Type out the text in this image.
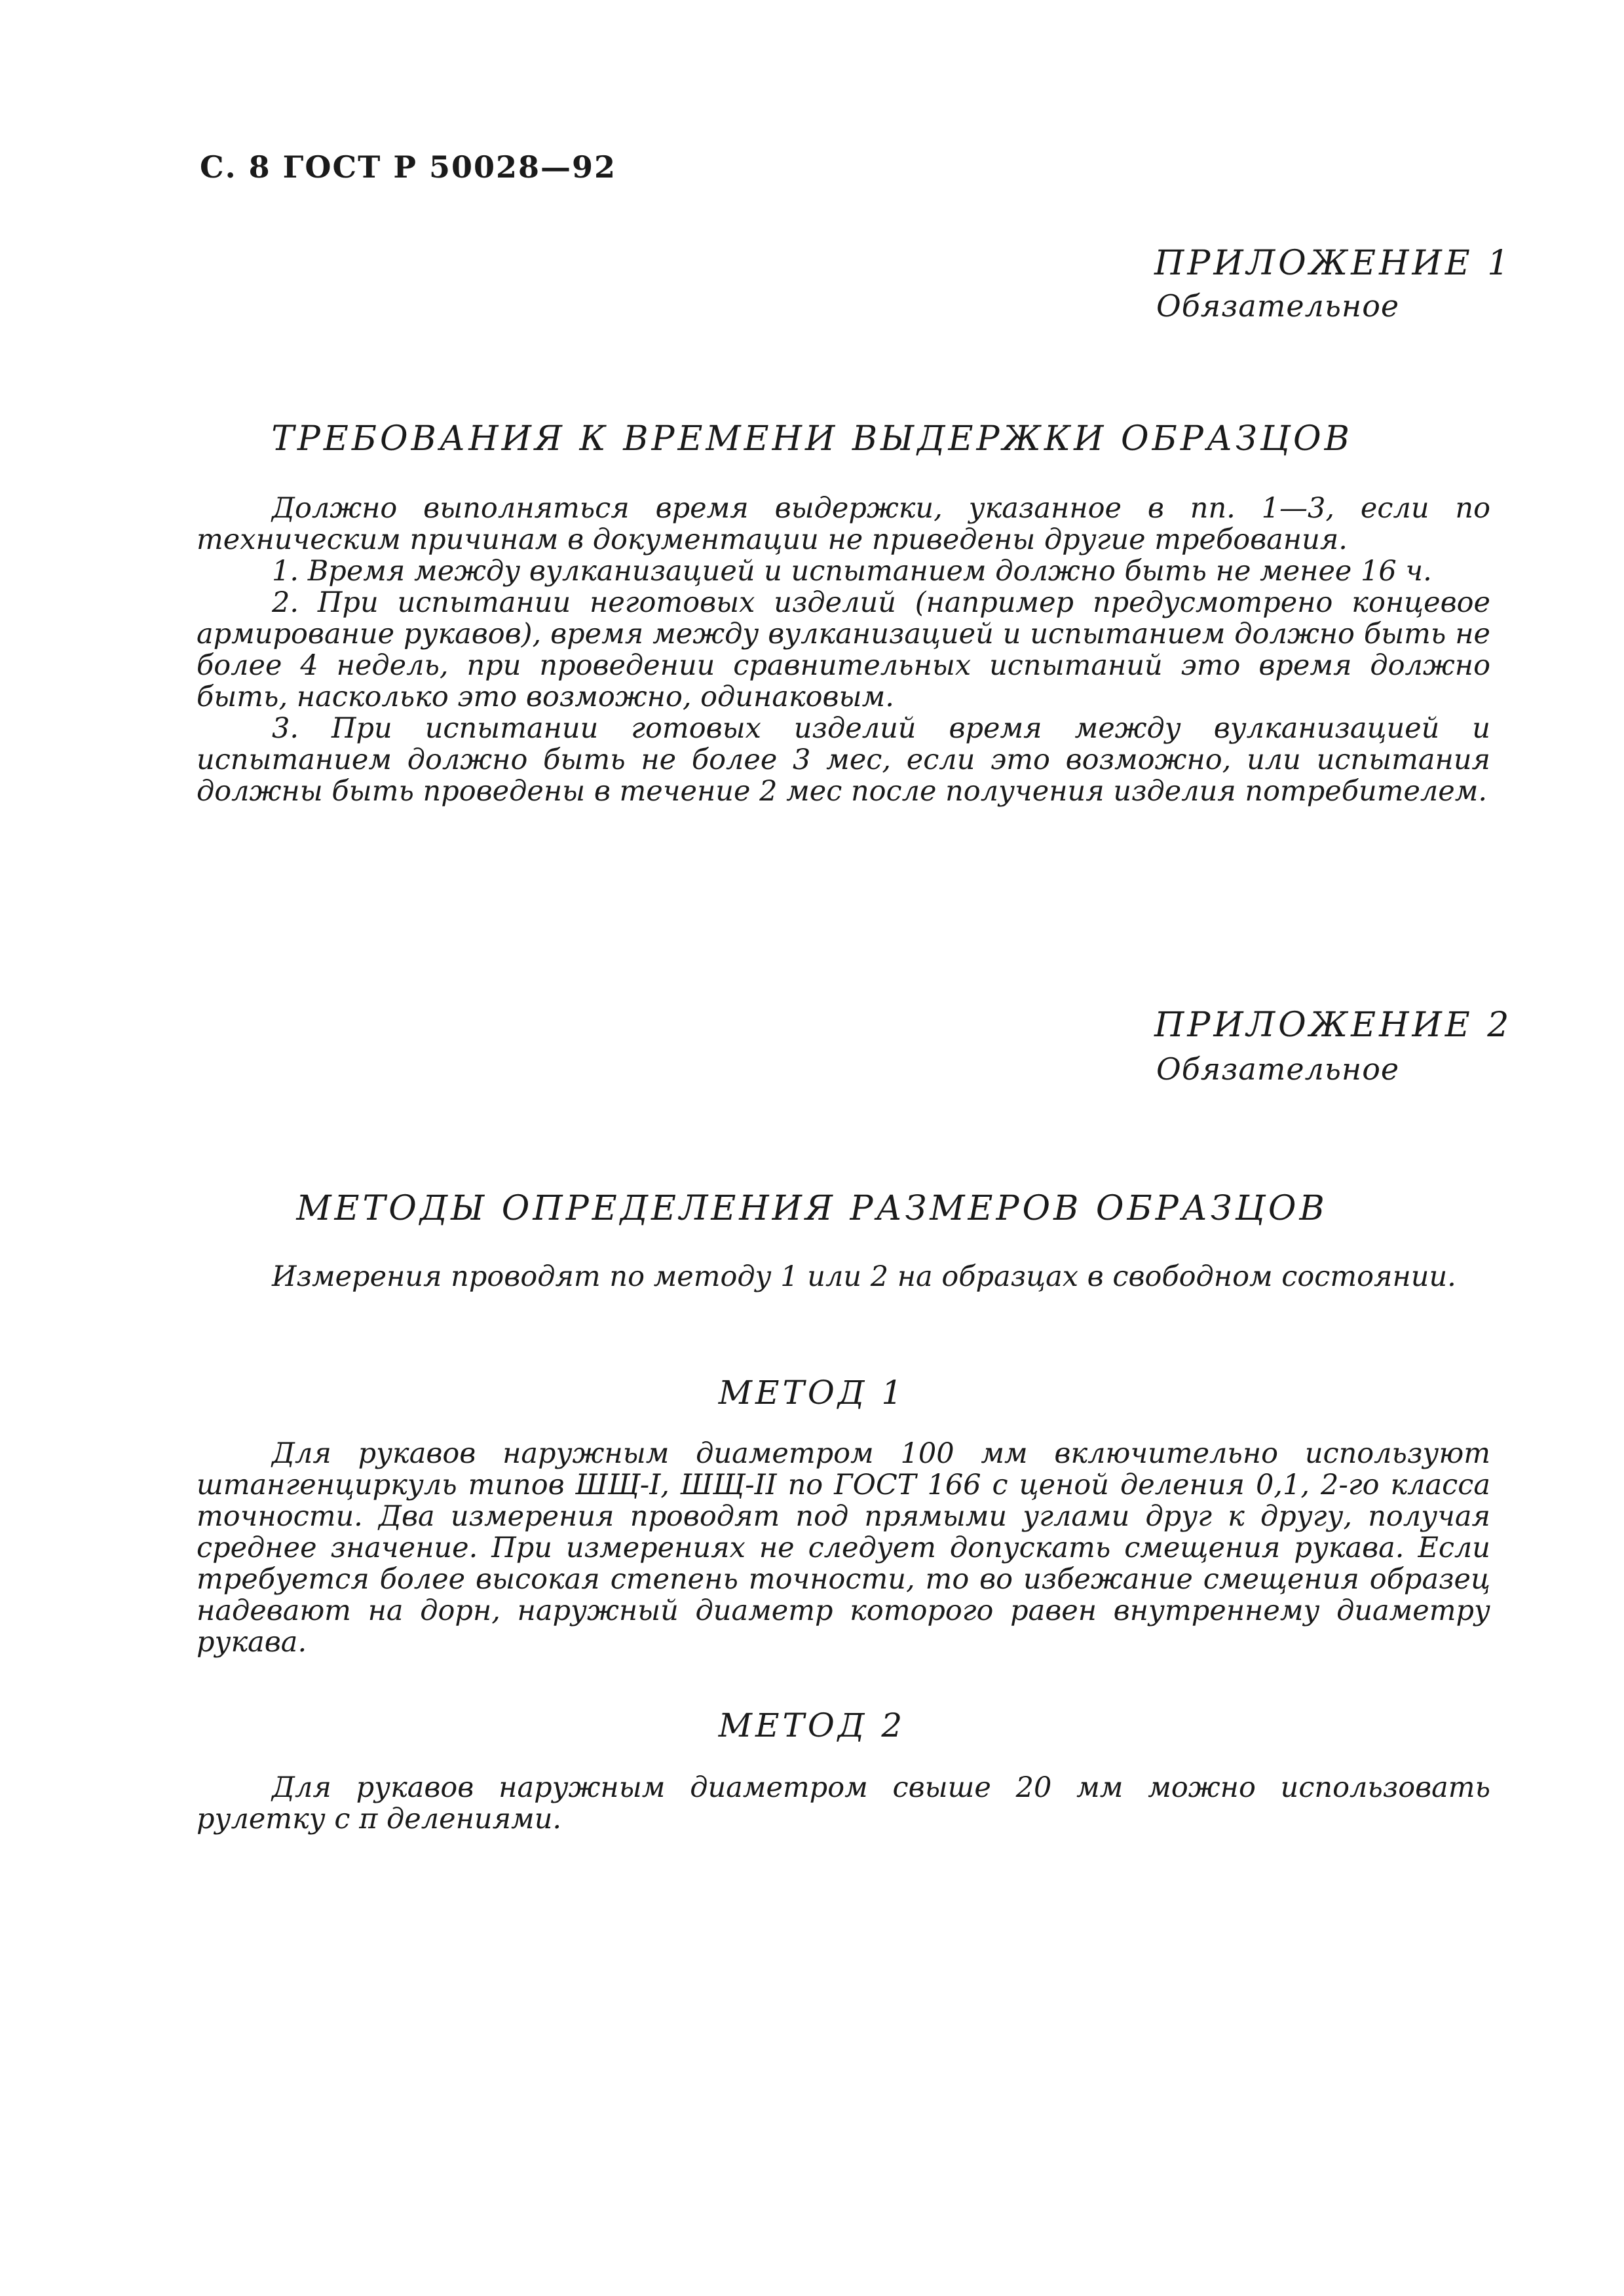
С. 8 ГОСТ Р 50028—92
ПРИЛОЖЕНИЕ 1
Обязательное
ТРЕБОВАНИЯ К ВРЕМЕНИ ВЫДЕРЖКИ ОБРАЗЦОВ

Должно выполняться время выдержки, указанное в пп. 1—3, если по техническим причинам в документации не приведены другие требования.

1. Время между вулканизацией и испытанием должно быть не менее 16 ч.

2. При испытании неготовых изделий (например предусмотрено концевое армирование рукавов), время между вулканизацией и испытанием должно быть не более 4 недель, при проведении сравнительных испытаний это время должно быть, насколько это возможно, одинаковым.

3. При испытании готовых изделий время между вулканизацией и испытанием должно быть не более 3 мес, если это возможно, или испытания должны быть проведены в течение 2 мес после получения изделия потребителем.

ПРИЛОЖЕНИЕ 2
Обязательное
МЕТОДЫ ОПРЕДЕЛЕНИЯ РАЗМЕРОВ ОБРАЗЦОВ

Измерения проводят по методу 1 или 2 на образцах в свободном состоянии.

МЕТОД 1

Для рукавов наружным диаметром 100 мм включительно используют штангенциркуль типов ШЩ-I, ШЩ-II по ГОСТ 166 с ценой деления 0,1, 2-го класса точности. Два измерения проводят под прямыми углами друг к другу, получая среднее значение. При измерениях не следует допускать смещения рукава. Если требуется более высокая степень точности, то во избежание смещения образец надевают на дорн, наружный диаметр которого равен внутреннему диаметру рукава.

МЕТОД 2

Для рукавов наружным диаметром свыше 20 мм можно использовать рулетку с π делениями.
